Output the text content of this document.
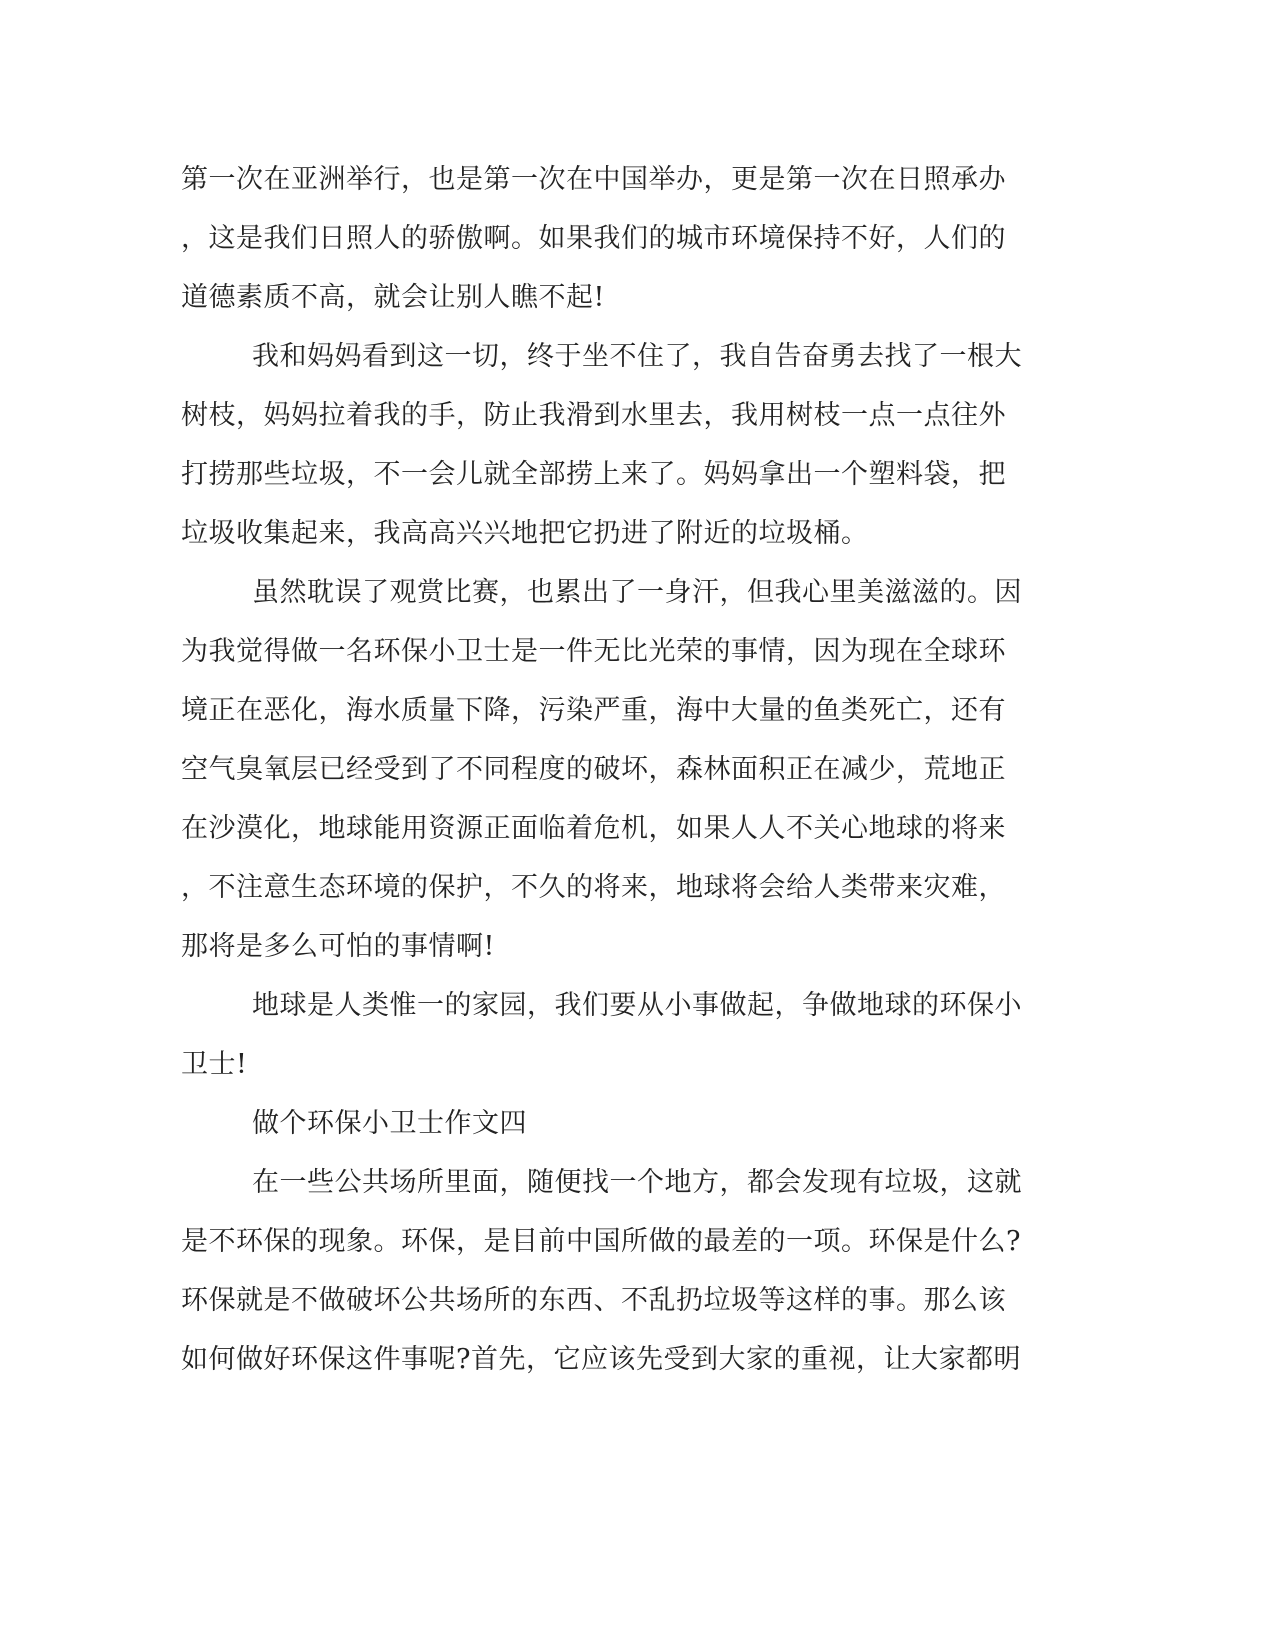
第一次在亚洲举行，也是第一次在中国举办，更是第一次在日照承办
，这是我们日照人的骄傲啊。如果我们的城市环境保持不好，人们的
道德素质不高，就会让别人瞧不起!
我和妈妈看到这一切，终于坐不住了，我自告奋勇去找了一根大
树枝，妈妈拉着我的手，防止我滑到水里去，我用树枝一点一点往外
打捞那些垃圾，不一会儿就全部捞上来了。妈妈拿出一个塑料袋，把
垃圾收集起来，我高高兴兴地把它扔进了附近的垃圾桶。
虽然耽误了观赏比赛，也累出了一身汗，但我心里美滋滋的。因
为我觉得做一名环保小卫士是一件无比光荣的事情，因为现在全球环
境正在恶化，海水质量下降，污染严重，海中大量的鱼类死亡，还有
空气臭氧层已经受到了不同程度的破坏，森林面积正在减少，荒地正
在沙漠化，地球能用资源正面临着危机，如果人人不关心地球的将来
，不注意生态环境的保护，不久的将来，地球将会给人类带来灾难，
那将是多么可怕的事情啊!
地球是人类惟一的家园，我们要从小事做起，争做地球的环保小
卫士!
做个环保小卫士作文四
在一些公共场所里面，随便找一个地方，都会发现有垃圾，这就
是不环保的现象。环保，是目前中国所做的最差的一项。环保是什么?
环保就是不做破坏公共场所的东西、不乱扔垃圾等这样的事。那么该
如何做好环保这件事呢?首先，它应该先受到大家的重视，让大家都明
